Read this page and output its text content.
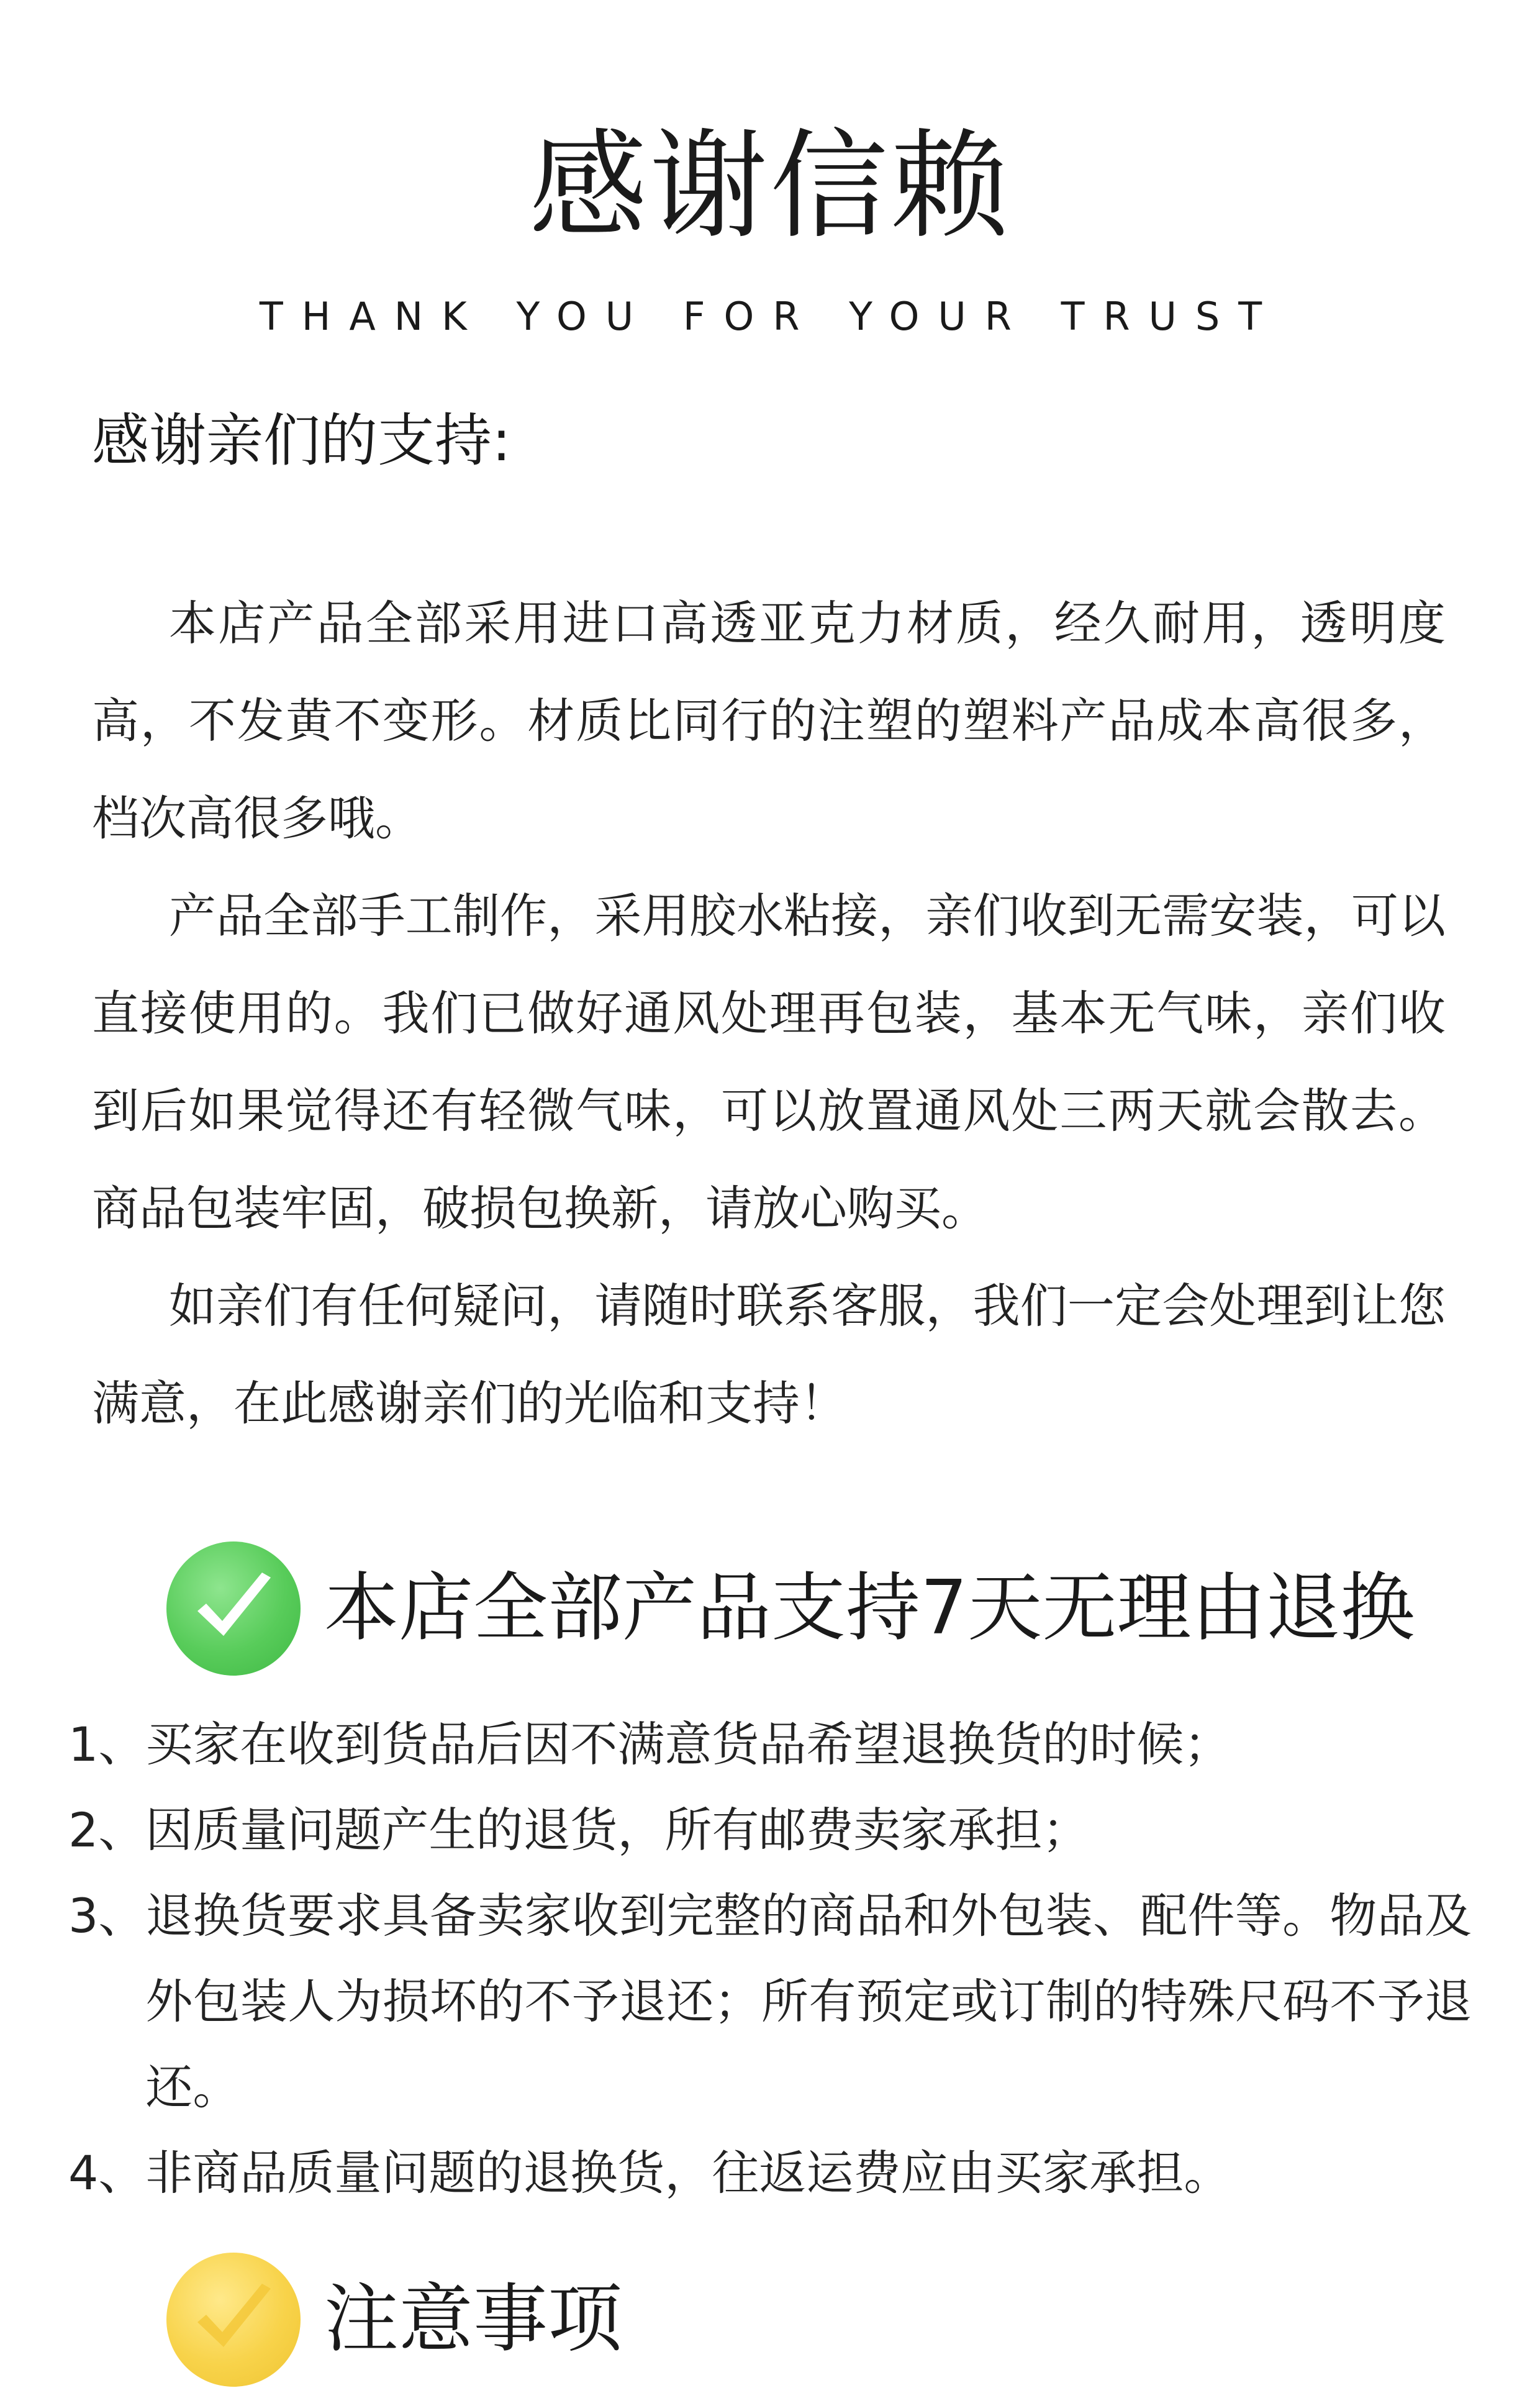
感谢信赖
THANK YOU FOR YOUR TRUST
感谢亲们的支持:

本店产品全部采用进口高透亚克力材质，经久耐用，透明度高，不发黄不变形。材质比同行的注塑的塑料产品成本高很多，档次高很多哦。

产品全部手工制作，采用胶水粘接，亲们收到无需安装，可以直接使用的。我们已做好通风处理再包装，基本无气味，亲们收到后如果觉得还有轻微气味，可以放置通风处三两天就会散去。商品包装牢固，破损包换新，请放心购买。

如亲们有任何疑问，请随时联系客服，我们一定会处理到让您满意，在此感谢亲们的光临和支持！

本店全部产品支持7天无理由退换
1、 买家在收到货品后因不满意货品希望退换货的时候；
2、 因质量问题产生的退货，所有邮费卖家承担；
3、 退换货要求具备卖家收到完整的商品和外包装、配件等。物品及外包装人为损坏的不予退还；所有预定或订制的特殊尺码不予退还。
4、 非商品质量问题的退换货，往返运费应由买家承担。
注意事项
